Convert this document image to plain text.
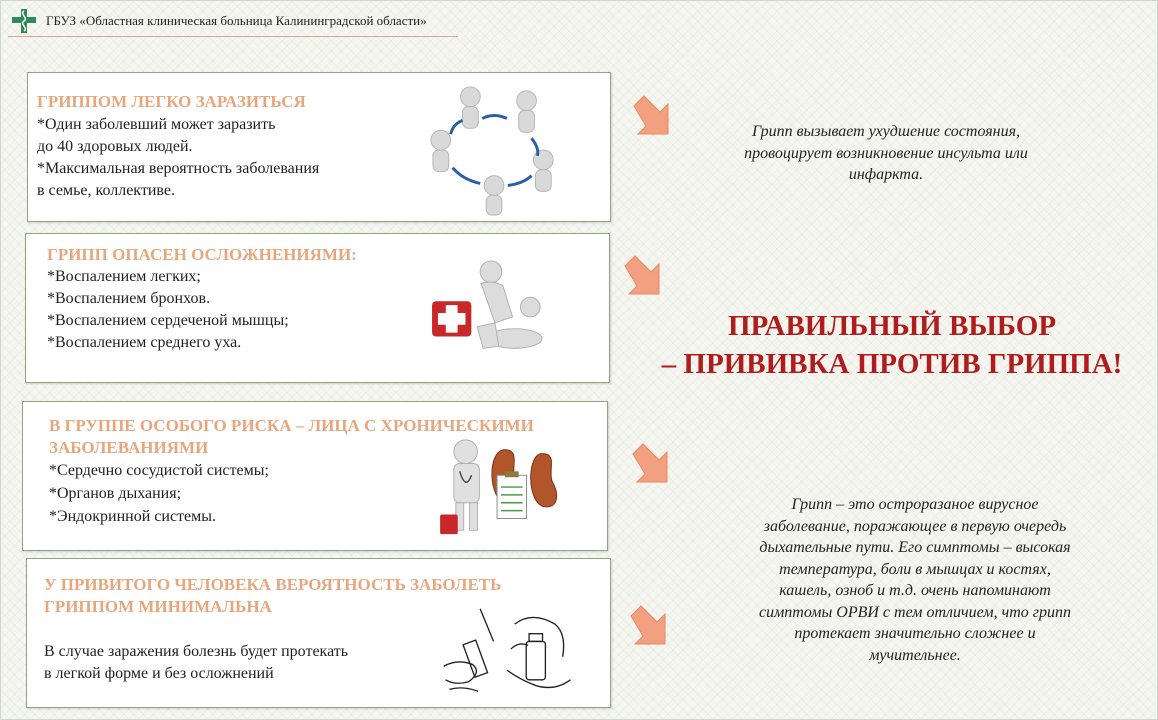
ГБУЗ «Областная клиническая больница Калининградской области»
ГРИППОМ ЛЕГКО ЗАРАЗИТЬСЯ
*Один заболевший может заразить
до 40 здоровых людей.
*Максимальная вероятность заболевания
в семье, коллективе.
ГРИПП ОПАСЕН ОСЛОЖНЕНИЯМИ:
*Воспалением легких;
*Воспалением бронхов.
*Воспалением сердеченой мышцы;
*Воспалением среднего уха.
В ГРУППЕ ОСОБОГО РИСКА – ЛИЦА С ХРОНИЧЕСКИМИ
ЗАБОЛЕВАНИЯМИ
*Сердечно сосудистой системы;
*Органов дыхания;
*Эндокринной системы.
У ПРИВИТОГО ЧЕЛОВЕКА ВЕРОЯТНОСТЬ ЗАБОЛЕТЬ
ГРИППОМ МИНИМАЛЬНА
В случае заражения болезнь будет протекать
в легкой форме и без осложнений
Грипп вызывает ухудшение состояния,
провоцирует возникновение инсульта или
инфаркта.
ПРАВИЛЬНЫЙ ВЫБОР
– ПРИВИВКА ПРОТИВ ГРИППА!
Грипп – это остроразаное вирусное
заболевание, поражающее в первую очередь
дыхательные пути. Его симптомы – высокая
температура, боли в мышцах и костях,
кашель, озноб и т.д. очень напоминают
симптомы ОРВИ с тем отличием, что грипп
протекает значительно сложнее и
мучительнее.
